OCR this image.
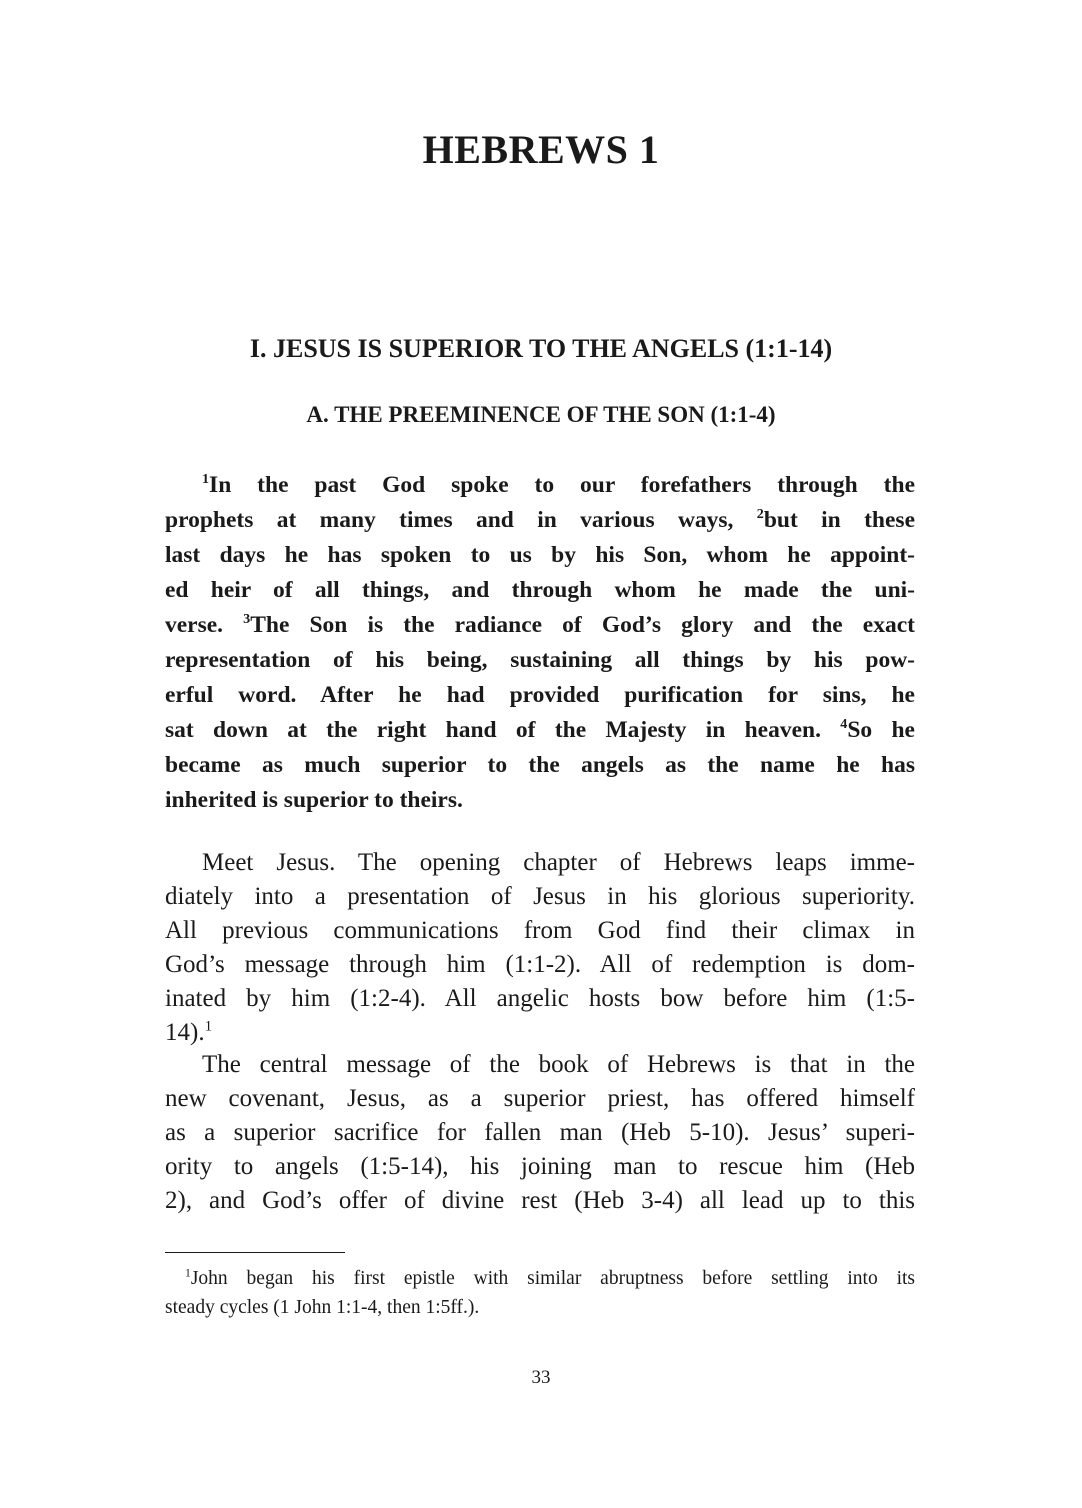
HEBREWS 1
I. JESUS IS SUPERIOR TO THE ANGELS (1:1-14)
A. THE PREEMINENCE OF THE SON (1:1-4)
$^1$In the past God spoke to our forefathers through the
prophets at many times and in various ways, $^2$but in these
last days he has spoken to us by his Son, whom he appoint-
ed heir of all things, and through whom he made the uni-
verse. $^3$The Son is the radiance of God’s glory and the exact
representation of his being, sustaining all things by his pow-
erful word. After he had provided purification for sins, he
sat down at the right hand of the Majesty in heaven. $^4$So he
became as much superior to the angels as the name he has
inherited is superior to theirs.
Meet Jesus. The opening chapter of Hebrews leaps imme-
diately into a presentation of Jesus in his glorious superiority.
All previous communications from God find their climax in
God’s message through him (1:1-2). All of redemption is dom-
inated by him (1:2-4). All angelic hosts bow before him (1:5-
14).$^1$
The central message of the book of Hebrews is that in the
new covenant, Jesus, as a superior priest, has offered himself
as a superior sacrifice for fallen man (Heb 5-10). Jesus’ superi-
ority to angels (1:5-14), his joining man to rescue him (Heb
2), and God’s offer of divine rest (Heb 3-4) all lead up to this
$^1$John began his first epistle with similar abruptness before settling into its
steady cycles (1 John 1:1-4, then 1:5ff.).
33
